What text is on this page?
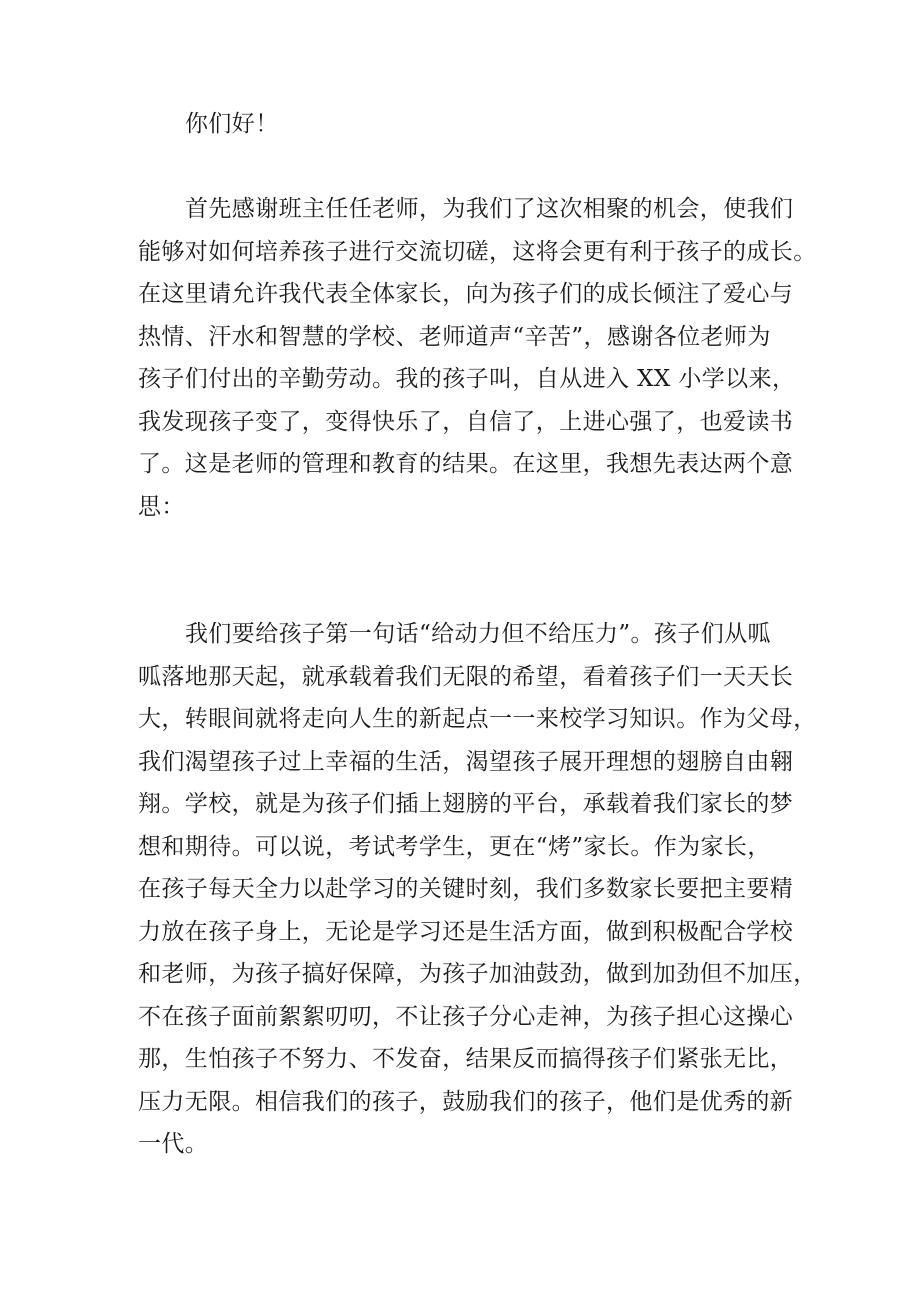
你们好！
首先感谢班主任任老师，为我们了这次相聚的机会，使我们
能够对如何培养孩子进行交流切磋，这将会更有利于孩子的成长。
在这里请允许我代表全体家长，向为孩子们的成长倾注了爱心与
热情、汗水和智慧的学校、老师道声“辛苦”，感谢各位老师为
孩子们付出的辛勤劳动。我的孩子叫，自从进入 XX 小学以来，
我发现孩子变了，变得快乐了，自信了，上进心强了，也爱读书
了。这是老师的管理和教育的结果。在这里，我想先表达两个意
思：
我们要给孩子第一句话“给动力但不给压力”。孩子们从呱
呱落地那天起，就承载着我们无限的希望，看着孩子们一天天长
大，转眼间就将走向人生的新起点一一来校学习知识。作为父母，
我们渴望孩子过上幸福的生活，渴望孩子展开理想的翅膀自由翱
翔。学校，就是为孩子们插上翅膀的平台，承载着我们家长的梦
想和期待。可以说，考试考学生，更在“烤”家长。作为家长，
在孩子每天全力以赴学习的关键时刻，我们多数家长要把主要精
力放在孩子身上，无论是学习还是生活方面，做到积极配合学校
和老师，为孩子搞好保障，为孩子加油鼓劲，做到加劲但不加压，
不在孩子面前絮絮叨叨，不让孩子分心走神，为孩子担心这操心
那，生怕孩子不努力、不发奋，结果反而搞得孩子们紧张无比，
压力无限。相信我们的孩子，鼓励我们的孩子，他们是优秀的新
一代。
